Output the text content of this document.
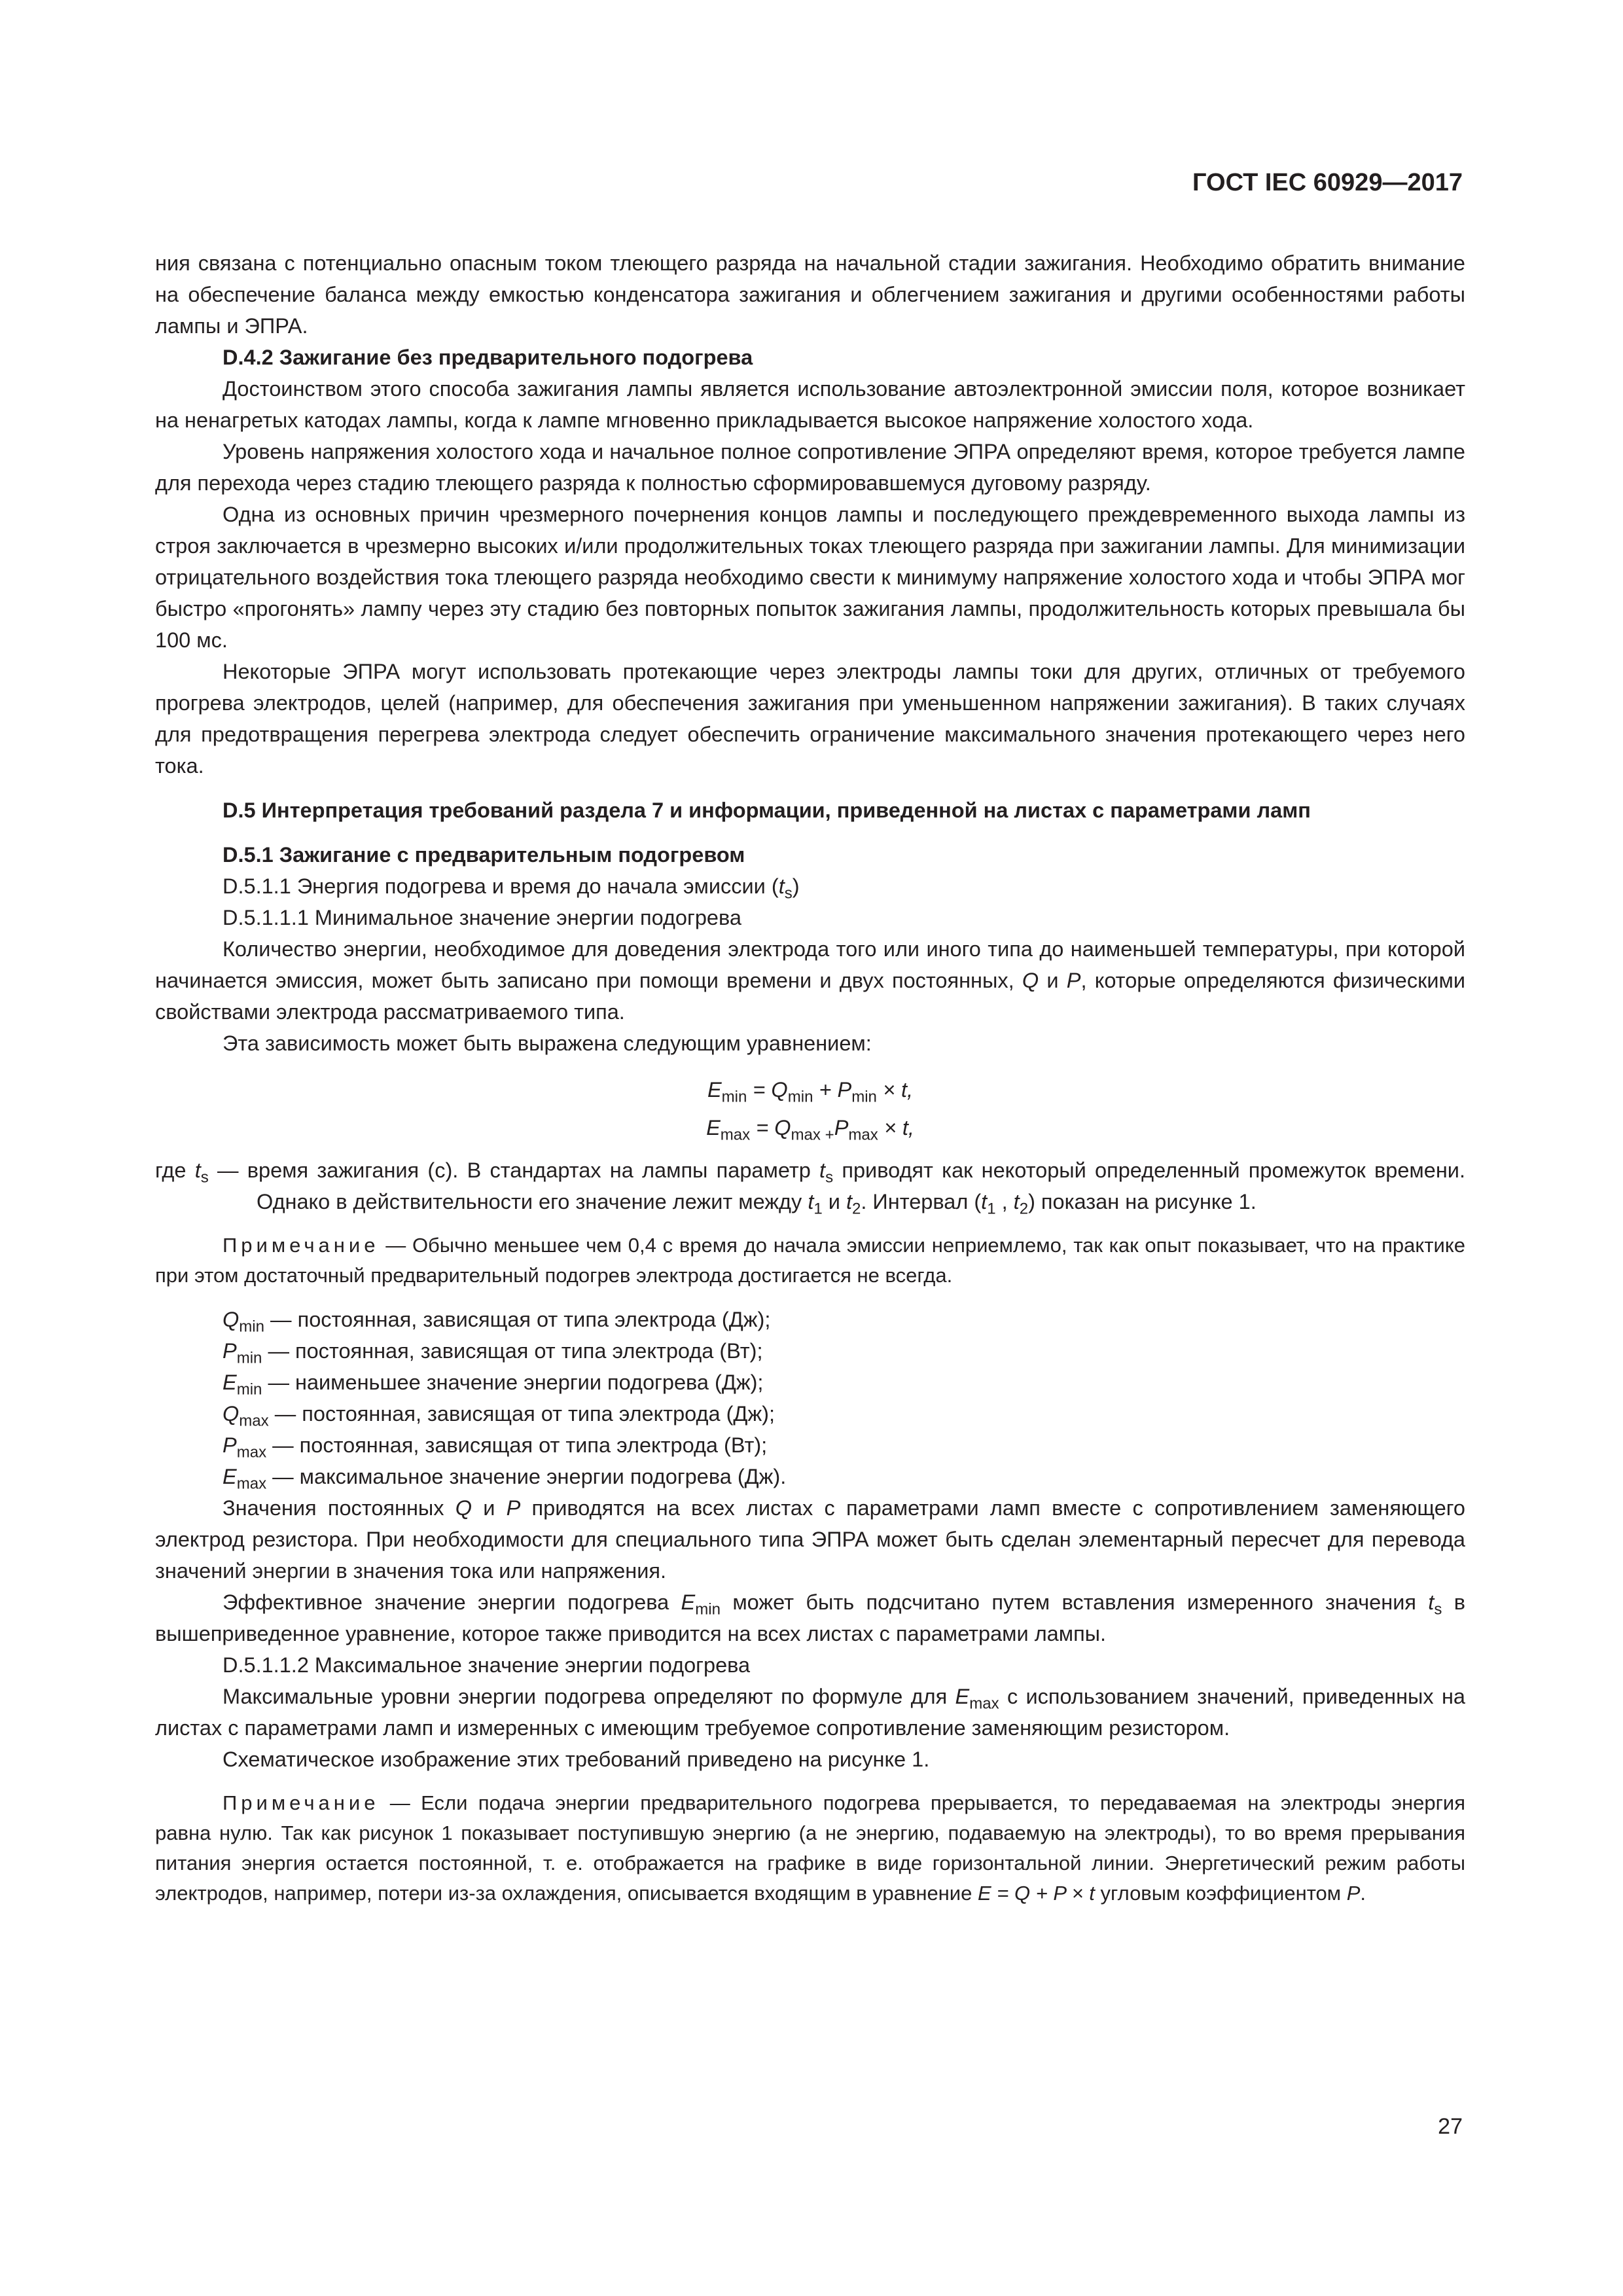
ГОСТ IEC 60929—2017

ния связана с потенциально опасным током тлеющего разряда на начальной стадии зажигания. Необходимо обратить внимание на обеспечение баланса между емкостью конденсатора зажигания и облегчением зажигания и другими особенностями работы лампы и ЭПРА.

D.4.2 Зажигание без предварительного подогрева

Достоинством этого способа зажигания лампы является использование автоэлектронной эмиссии поля, которое возникает на ненагретых катодах лампы, когда к лампе мгновенно прикладывается высокое напряжение холостого хода.

Уровень напряжения холостого хода и начальное полное сопротивление ЭПРА определяют время, которое требуется лампе для перехода через стадию тлеющего разряда к полностью сформировавшемуся дуговому разряду.

Одна из основных причин чрезмерного почернения концов лампы и последующего преждевременного выхода лампы из строя заключается в чрезмерно высоких и/или продолжительных токах тлеющего разряда при зажигании лампы. Для минимизации отрицательного воздействия тока тлеющего разряда необходимо свести к минимуму напряжение холостого хода и чтобы ЭПРА мог быстро «прогонять» лампу через эту стадию без повторных попыток зажигания лампы, продолжительность которых превышала бы 100 мс.

Некоторые ЭПРА могут использовать протекающие через электроды лампы токи для других, отличных от требуемого прогрева электродов, целей (например, для обеспечения зажигания при уменьшенном напряжении зажигания). В таких случаях для предотвращения перегрева электрода следует обеспечить ограничение максимального значения протекающего через него тока.

D.5 Интерпретация требований раздела 7 и информации, приведенной на листах с параметрами ламп

D.5.1 Зажигание с предварительным подогревом

D.5.1.1 Энергия подогрева и время до начала эмиссии $(t_s)$

D.5.1.1.1 Минимальное значение энергии подогрева

Количество энергии, необходимое для доведения электрода того или иного типа до наименьшей температуры, при которой начинается эмиссия, может быть записано при помощи времени и двух постоянных, Q и P, которые определяются физическими свойствами электрода рассматриваемого типа.

Эта зависимость может быть выражена следующим уравнением:

$E_{min} = Q_{min} + P_{min} \times t$,
$E_{max} = Q_{max +}P_{max} \times t$,

где $t_s$ — время зажигания (с). В стандартах на лампы параметр $t_s$ приводят как некоторый определенный промежуток времени. Однако в действительности его значение лежит между $t_1$ и $t_2$. Интервал ($t_1$ , $t_2$) показан на рисунке 1.

Примечание — Обычно меньшее чем 0,4 с время до начала эмиссии неприемлемо, так как опыт показывает, что на практике при этом достаточный предварительный подогрев электрода достигается не всегда.

$Q_{min}$ — постоянная, зависящая от типа электрода (Дж);

$P_{min}$ — постоянная, зависящая от типа электрода (Вт);

$E_{min}$ — наименьшее значение энергии подогрева (Дж);

$Q_{max}$ — постоянная, зависящая от типа электрода (Дж);

$P_{max}$ — постоянная, зависящая от типа электрода (Вт);

$E_{max}$ — максимальное значение энергии подогрева (Дж).

Значения постоянных Q и P приводятся на всех листах с параметрами ламп вместе с сопротивлением заменяющего электрод резистора. При необходимости для специального типа ЭПРА может быть сделан элементарный пересчет для перевода значений энергии в значения тока или напряжения.

Эффективное значение энергии подогрева $E_{min}$ может быть подсчитано путем вставления измеренного значения $t_s$ в вышеприведенное уравнение, которое также приводится на всех листах с параметрами лампы.

D.5.1.1.2 Максимальное значение энергии подогрева

Максимальные уровни энергии подогрева определяют по формуле для $E_{max}$ с использованием значений, приведенных на листах с параметрами ламп и измеренных с имеющим требуемое сопротивление заменяющим резистором.

Схематическое изображение этих требований приведено на рисунке 1.

Примечание — Если подача энергии предварительного подогрева прерывается, то передаваемая на электроды энергия равна нулю. Так как рисунок 1 показывает поступившую энергию (а не энергию, подаваемую на электроды), то во время прерывания питания энергия остается постоянной, т. е. отображается на графике в виде горизонтальной линии. Энергетический режим работы электродов, например, потери из-за охлаждения, описывается входящим в уравнение E = Q + P × t угловым коэффициентом P.

27
